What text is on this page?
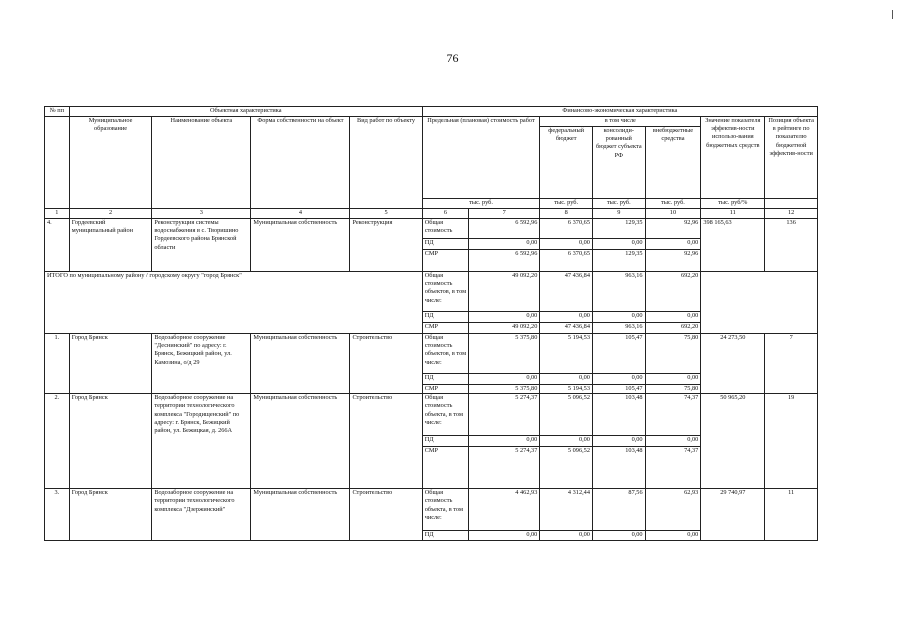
76
№ пп	Объектная характеристика				Финансово-экономическая характеристика						
	Муниципальное образование	Наименование объекта	Форма собственности на объект	Вид работ по объекту	Предельная (плановая) стоимость работ		в том числе			Значение показателя эффектив-ности использо-вания бюджетных средств	Позиция объекта в рейтинге по показателю бюджетной эффектив-ности
							федеральный бюджет	консолиди-рованный бюджет субъекта РФ	внебюджетные средства		
					тыс. руб.		тыс. руб.	тыс. руб.	тыс. руб.	тыс. руб/%	
1	2	3	4	5	6	7	8	9	10	11	12
4.	Гордеевский муниципальный район	Реконструкция системы водоснабжения в с. Творишино Гордеевского района Брянской области	Муниципальная собственность	Реконструкция	Общая стоимость	6 592,96	6 370,65	129,35	92,96	398 165,63	136
					ПД	0,00	0,00	0,00	0,00		
					СМР	6 592,96	6 370,65	129,35	92,96		
ИТОГО по муниципальному району / городскому округу "город Брянск"					Общая стоимость объектов, в том числе:	49 092,20	47 436,84	963,16	692,20		
					ПД	0,00	0,00	0,00	0,00		
					СМР	49 092,20	47 436,84	963,16	692,20		
1.	Город Брянск	Водозаборное сооружение "Деснинский" по адресу: г. Брянск, Бежицкий район, ул. Камозина, о/д 29	Муниципальная собственность	Строительство	Общая стоимость объектов, в том числе:	5 375,80	5 194,53	105,47	75,80	24 273,50	7
					ПД	0,00	0,00	0,00	0,00		
					СМР	5 375,80	5 194,53	105,47	75,80		
2.	Город Брянск	Водозаборное сооружение на территории технологического комплекса "Городищенский" по адресу: г. Брянск, Бежицкий район, ул. Бежицкая, д. 266А	Муниципальная собственность	Строительство	Общая стоимость объекта, в том числе:	5 274,37	5 096,52	103,48	74,37	50 965,20	19
					ПД	0,00	0,00	0,00	0,00		
					СМР	5 274,37	5 096,52	103,48	74,37		
3.	Город Брянск	Водозаборное сооружение на территории технологического комплекса "Дзержинский"	Муниципальная собственность	Строительство	Общая стоимость объекта, в том числе:	4 462,93	4 312,44	87,56	62,93	29 740,97	11
					ПД	0,00	0,00	0,00	0,00		
